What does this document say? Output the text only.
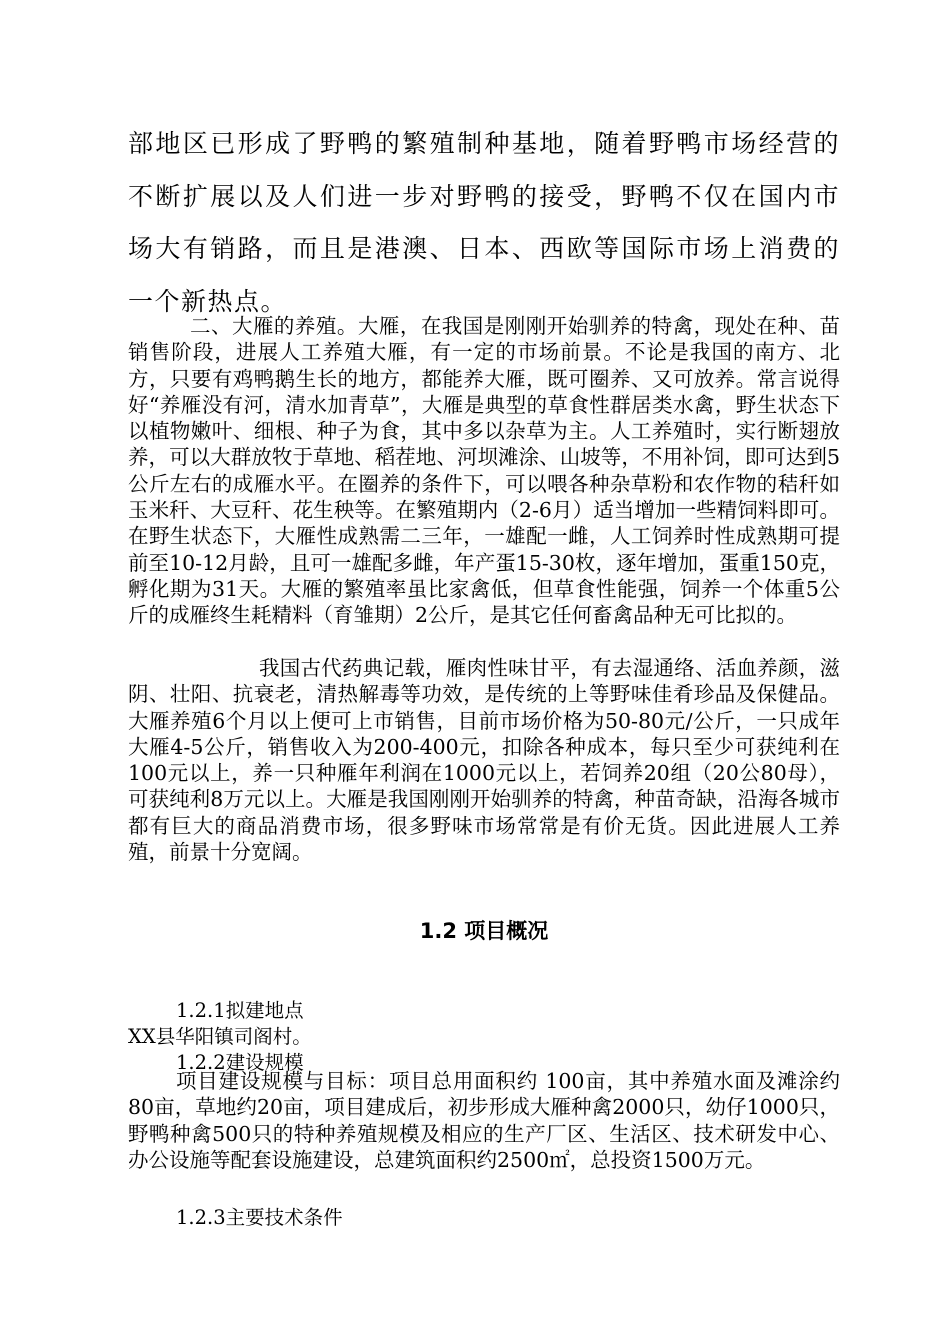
部地区已形成了野鸭的繁殖制种基地，随着野鸭市场经营的不断扩展以及人们进一步对野鸭的接受，野鸭不仅在国内市场大有销路，而且是港澳、日本、西欧等国际市场上消费的一个新热点。

二、大雁的养殖。大雁，在我国是刚刚开始驯养的特禽，现处在种、苗销售阶段，进展人工养殖大雁，有一定的市场前景。不论是我国的南方、北方，只要有鸡鸭鹅生长的地方，都能养大雁，既可圈养、又可放养。常言说得好“养雁没有河，清水加青草”，大雁是典型的草食性群居类水禽，野生状态下以植物嫩叶、细根、种子为食，其中多以杂草为主。人工养殖时，实行断翅放养，可以大群放牧于草地、稻茬地、河坝滩涂、山坡等，不用补饲，即可达到5公斤左右的成雁水平。在圈养的条件下，可以喂各种杂草粉和农作物的秸秆如玉米秆、大豆秆、花生秧等。在繁殖期内（2-6月）适当增加一些精饲料即可。在野生状态下，大雁性成熟需二三年，一雄配一雌，人工饲养时性成熟期可提前至10-12月龄，且可一雄配多雌，年产蛋15-30枚，逐年增加，蛋重150克，孵化期为31天。大雁的繁殖率虽比家禽低，但草食性能强，饲养一个体重5公斤的成雁终生耗精料（育雏期）2公斤，是其它任何畜禽品种无可比拟的。

我国古代药典记载，雁肉性味甘平，有去湿通络、活血养颜，滋阴、壮阳、抗衰老，清热解毒等功效，是传统的上等野味佳肴珍品及保健品。大雁养殖6个月以上便可上市销售，目前市场价格为50-80元/公斤，一只成年大雁4-5公斤，销售收入为200-400元，扣除各种成本，每只至少可获纯利在100元以上，养一只种雁年利润在1000元以上，若饲养20组（20公80母），可获纯利8万元以上。大雁是我国刚刚开始驯养的特禽，种苗奇缺，沿海各城市都有巨大的商品消费市场，很多野味市场常常是有价无货。因此进展人工养殖，前景十分宽阔。

1.2 项目概况

1.2.1拟建地点

XX县华阳镇司阁村。

1.2.2建设规模

项目建设规模与目标：项目总用面积约 100亩，其中养殖水面及滩涂约80亩，草地约20亩，项目建成后，初步形成大雁种禽2000只，幼仔1000只，野鸭种禽500只的特种养殖规模及相应的生产厂区、生活区、技术研发中心、办公设施等配套设施建设，总建筑面积约2500㎡，总投资1500万元。

1.2.3主要技术条件
